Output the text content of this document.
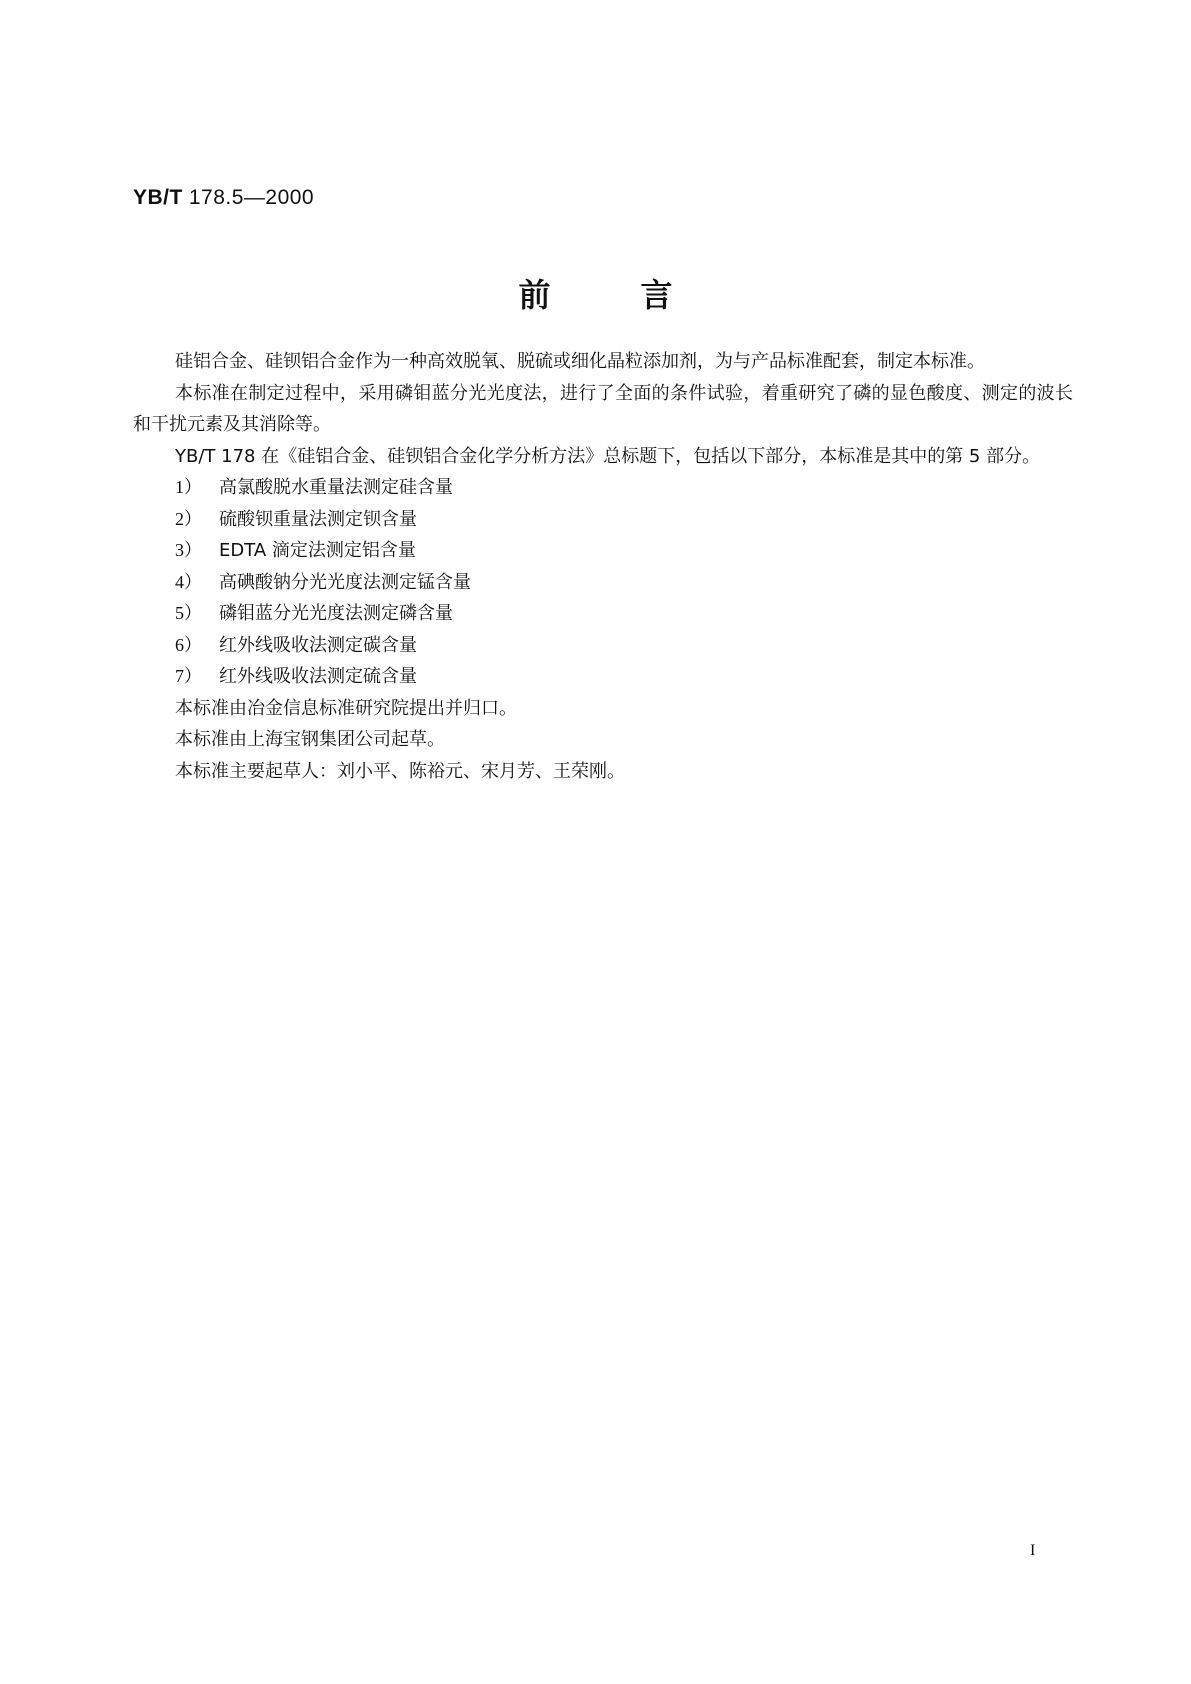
YB/T 178.5—2000
前言

硅铝合金、硅钡铝合金作为一种高效脱氧、脱硫或细化晶粒添加剂，为与产品标准配套，制定本标准。

本标准在制定过程中，采用磷钼蓝分光光度法，进行了全面的条件试验，着重研究了磷的显色酸度、测定的波长和干扰元素及其消除等。

YB/T 178 在《硅铝合金、硅钡铝合金化学分析方法》总标题下，包括以下部分，本标准是其中的第 5 部分。

1） 高氯酸脱水重量法测定硅含量
2） 硫酸钡重量法测定钡含量
3） EDTA 滴定法测定铝含量
4） 高碘酸钠分光光度法测定锰含量
5） 磷钼蓝分光光度法测定磷含量
6） 红外线吸收法测定碳含量
7） 红外线吸收法测定硫含量

本标准由冶金信息标准研究院提出并归口。

本标准由上海宝钢集团公司起草。

本标准主要起草人：刘小平、陈裕元、宋月芳、王荣刚。

I
